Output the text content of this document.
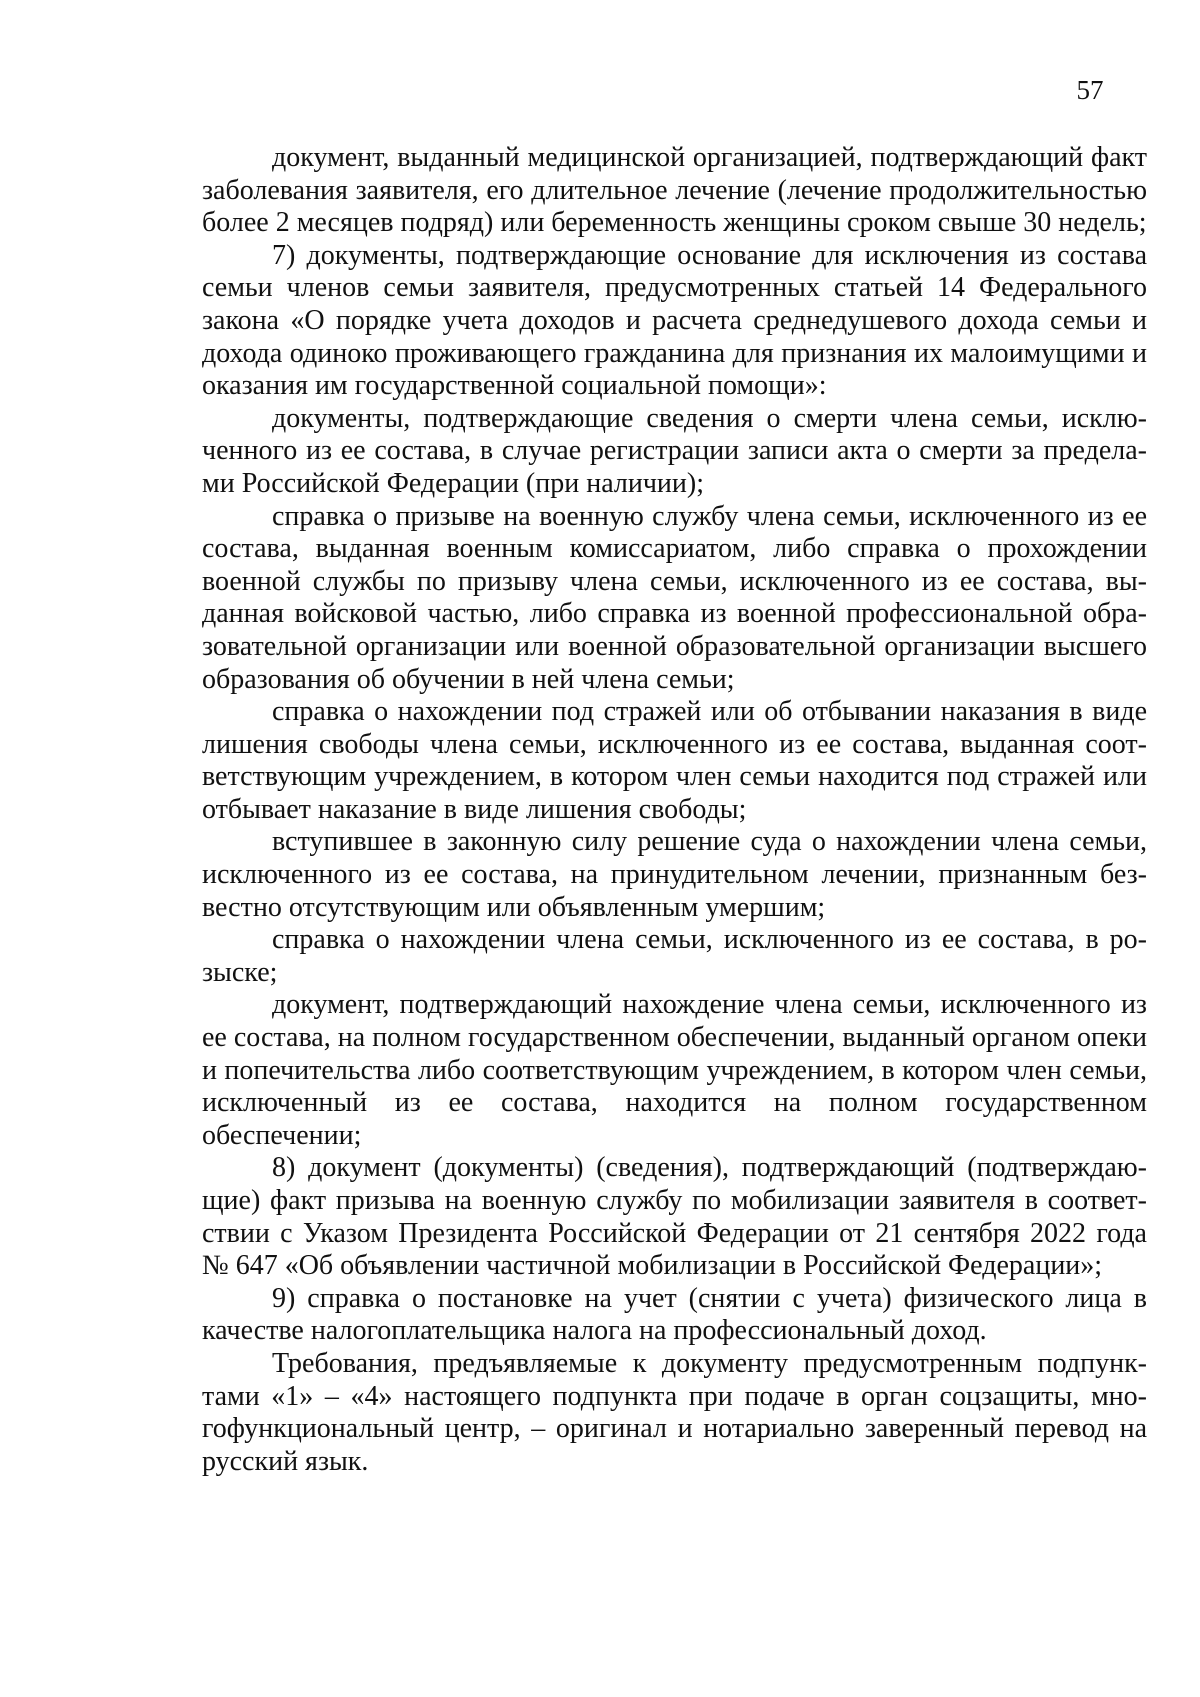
57

документ, выданный медицинской организацией, подтверждающий факт заболевания заявителя, его длительное лечение (лечение продолжительностью более 2 месяцев подряд) или беременность женщины сроком свыше 30 недель;

7) документы, подтверждающие основание для исключения из состава семьи членов семьи заявителя, предусмотренных статьей 14 Федерального закона «О порядке учета доходов и расчета среднедушевого дохода семьи и дохода одиноко проживающего гражданина для признания их малоимущими и оказания им государственной социальной помощи»:

документы, подтверждающие сведения о смерти члена семьи, исключенного из ее состава, в случае регистрации записи акта о смерти за пределами Российской Федерации (при наличии);

справка о призыве на военную службу члена семьи, исключенного из ее состава, выданная военным комиссариатом, либо справка о прохождении военной службы по призыву члена семьи, исключенного из ее состава, выданная войсковой частью, либо справка из военной профессиональной образовательной организации или военной образовательной организации высшего образования об обучении в ней члена семьи;

справка о нахождении под стражей или об отбывании наказания в виде лишения свободы члена семьи, исключенного из ее состава, выданная соответствующим учреждением, в котором член семьи находится под стражей или отбывает наказание в виде лишения свободы;

вступившее в законную силу решение суда о нахождении члена семьи, исключенного из ее состава, на принудительном лечении, признанным безвестно отсутствующим или объявленным умершим;

справка о нахождении члена семьи, исключенного из ее состава, в розыске;

документ, подтверждающий нахождение члена семьи, исключенного из ее состава, на полном государственном обеспечении, выданный органом опеки и попечительства либо соответствующим учреждением, в котором член семьи, исключенный из ее состава, находится на полном государственном обеспечении;

8) документ (документы) (сведения), подтверждающий (подтверждающие) факт призыва на военную службу по мобилизации заявителя в соответствии с Указом Президента Российской Федерации от 21 сентября 2022 года № 647 «Об объявлении частичной мобилизации в Российской Федерации»;

9) справка о постановке на учет (снятии с учета) физического лица в качестве налогоплательщика налога на профессиональный доход.

Требования, предъявляемые к документу предусмотренным подпунктами «1» – «4» настоящего подпункта при подаче в орган соцзащиты, многофункциональный центр, – оригинал и нотариально заверенный перевод на русский язык.
